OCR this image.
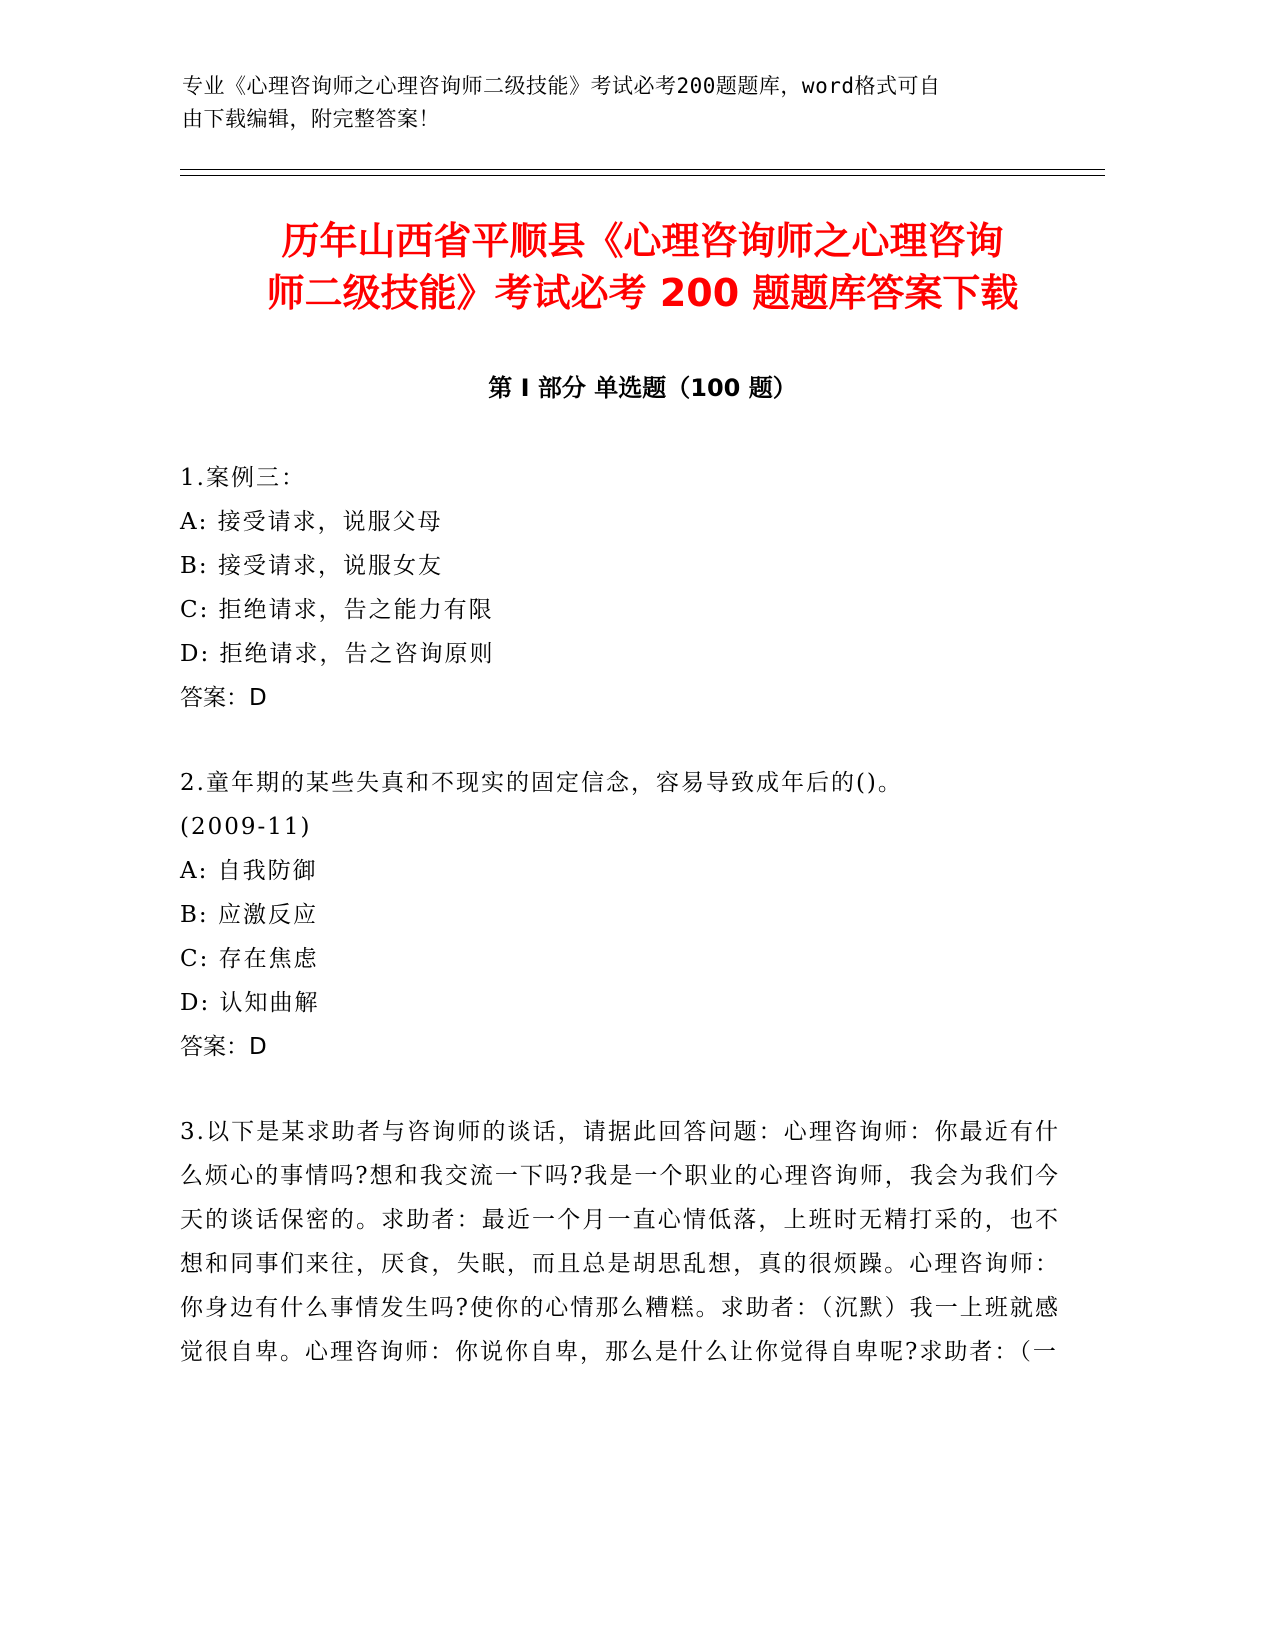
专业《心理咨询师之心理咨询师二级技能》考试必考200题题库，word格式可自

由下载编辑，附完整答案！

历年山西省平顺县《心理咨询师之心理咨询
师二级技能》考试必考 200 题题库答案下载
第 I 部分 单选题（100 题）
1.案例三：
A: 接受请求，说服父母
B: 接受请求，说服女友
C: 拒绝请求，告之能力有限
D: 拒绝请求，告之咨询原则
答案：D
2.童年期的某些失真和不现实的固定信念，容易导致成年后的()。
(2009-11)
A: 自我防御
B: 应激反应
C: 存在焦虑
D: 认知曲解
答案：D
3.以下是某求助者与咨询师的谈话，请据此回答问题：心理咨询师：你最近有什么烦心的事情吗?想和我交流一下吗?我是一个职业的心理咨询师，我会为我们今天的谈话保密的。求助者：最近一个月一直心情低落，上班时无精打采的，也不想和同事们来往，厌食，失眠，而且总是胡思乱想，真的很烦躁。心理咨询师：你身边有什么事情发生吗?使你的心情那么糟糕。求助者：（沉默）我一上班就感觉很自卑。心理咨询师：你说你自卑，那么是什么让你觉得自卑呢?求助者：（一
